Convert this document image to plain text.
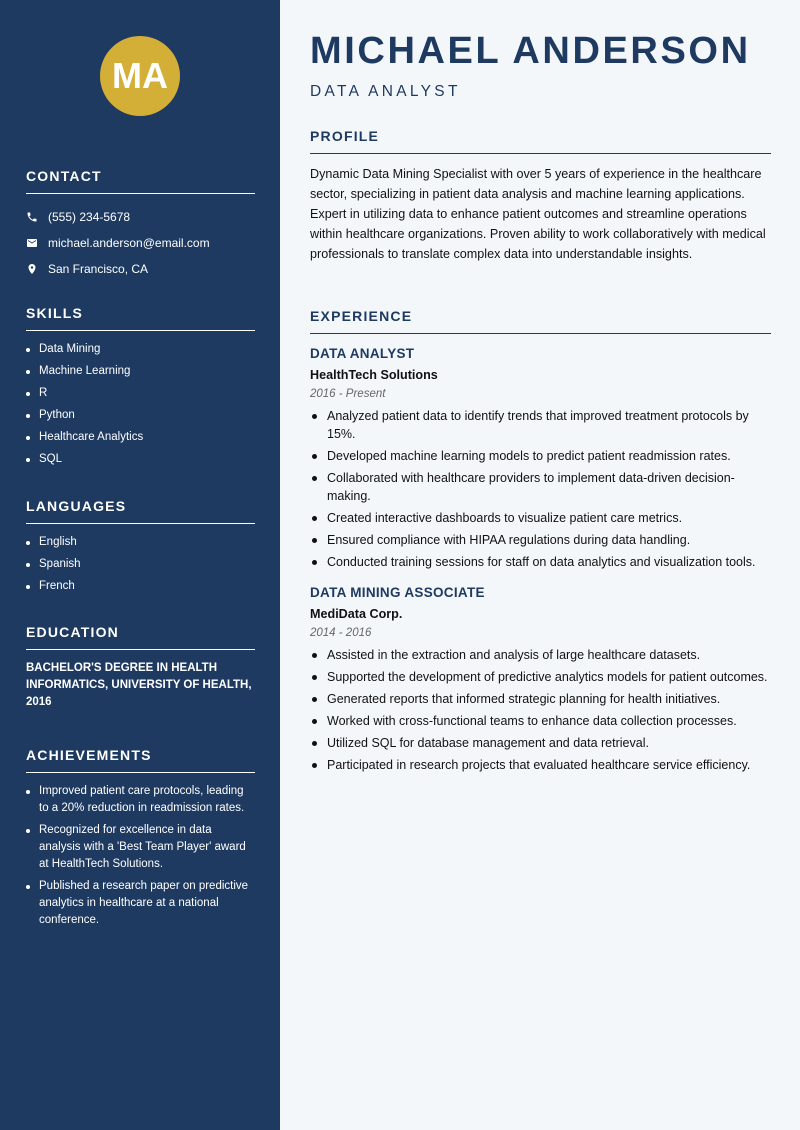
MA
CONTACT
(555) 234-5678
michael.anderson@email.com
San Francisco, CA
SKILLS
Data Mining
Machine Learning
R
Python
Healthcare Analytics
SQL
LANGUAGES
English
Spanish
French
EDUCATION
BACHELOR'S DEGREE IN HEALTH INFORMATICS, UNIVERSITY OF HEALTH, 2016
ACHIEVEMENTS
Improved patient care protocols, leading to a 20% reduction in readmission rates.
Recognized for excellence in data analysis with a 'Best Team Player' award at HealthTech Solutions.
Published a research paper on predictive analytics in healthcare at a national conference.
MICHAEL ANDERSON
DATA ANALYST
PROFILE

Dynamic Data Mining Specialist with over 5 years of experience in the healthcare sector, specializing in patient data analysis and machine learning applications. Expert in utilizing data to enhance patient outcomes and streamline operations within healthcare organizations. Proven ability to work collaboratively with medical professionals to translate complex data into understandable insights.

EXPERIENCE
DATA ANALYST
HealthTech Solutions
2016 - Present
Analyzed patient data to identify trends that improved treatment protocols by 15%.
Developed machine learning models to predict patient readmission rates.
Collaborated with healthcare providers to implement data-driven decision-making.
Created interactive dashboards to visualize patient care metrics.
Ensured compliance with HIPAA regulations during data handling.
Conducted training sessions for staff on data analytics and visualization tools.
DATA MINING ASSOCIATE
MediData Corp.
2014 - 2016
Assisted in the extraction and analysis of large healthcare datasets.
Supported the development of predictive analytics models for patient outcomes.
Generated reports that informed strategic planning for health initiatives.
Worked with cross-functional teams to enhance data collection processes.
Utilized SQL for database management and data retrieval.
Participated in research projects that evaluated healthcare service efficiency.
